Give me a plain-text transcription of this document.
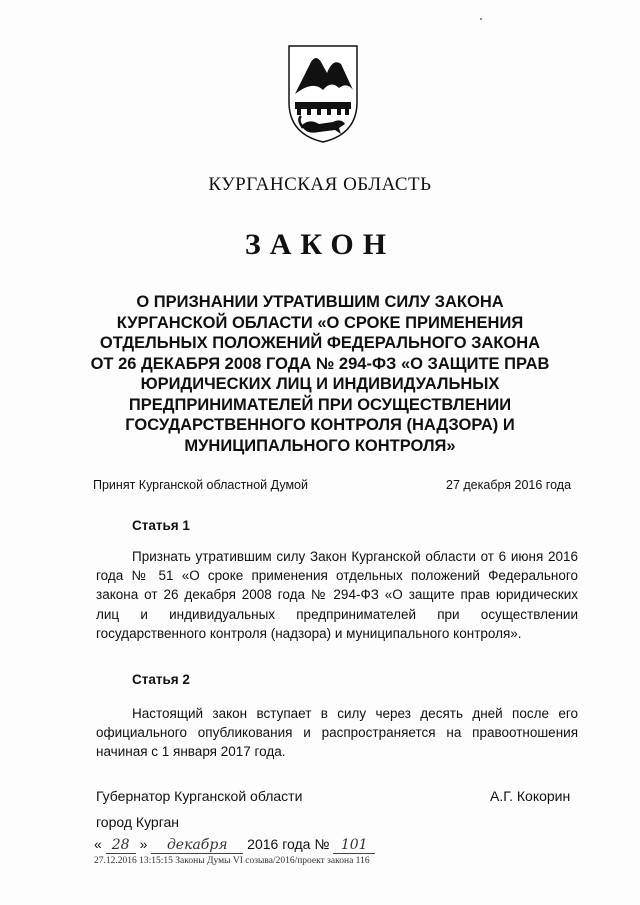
КУРГАНСКАЯ ОБЛАСТЬ
ЗАКОН
О ПРИЗНАНИИ УТРАТИВШИМ СИЛУ ЗАКОНА
КУРГАНСКОЙ ОБЛАСТИ «О СРОКЕ ПРИМЕНЕНИЯ
ОТДЕЛЬНЫХ ПОЛОЖЕНИЙ ФЕДЕРАЛЬНОГО ЗАКОНА
ОТ 26 ДЕКАБРЯ 2008 ГОДА № 294-ФЗ «О ЗАЩИТЕ ПРАВ
ЮРИДИЧЕСКИХ ЛИЦ И ИНДИВИДУАЛЬНЫХ
ПРЕДПРИНИМАТЕЛЕЙ ПРИ ОСУЩЕСТВЛЕНИИ
ГОСУДАРСТВЕННОГО КОНТРОЛЯ (НАДЗОРА) И
МУНИЦИПАЛЬНОГО КОНТРОЛЯ»
Принят Курганской областной Думой	27 декабря 2016 года
Статья 1
Признать утратившим силу Закон Курганской области от 6 июня 2016 года № 51 «О сроке применения отдельных положений Федерального закона от 26 декабря 2008 года № 294-ФЗ «О защите прав юридических лиц и индивидуальных предпринимателей при осуществлении государственного контроля (надзора) и муниципального контроля».
Статья 2
Настоящий закон вступает в силу через десять дней после его официального опубликования и распространяется на правоотношения начиная с 1 января 2017 года.
Губернатор Курганской области	А.Г. Кокорин
город Курган
« 28 » декабря 2016 года № 101
27.12.2016 13:15:15 Законы Думы VI созыва/2016/проект закона 116
